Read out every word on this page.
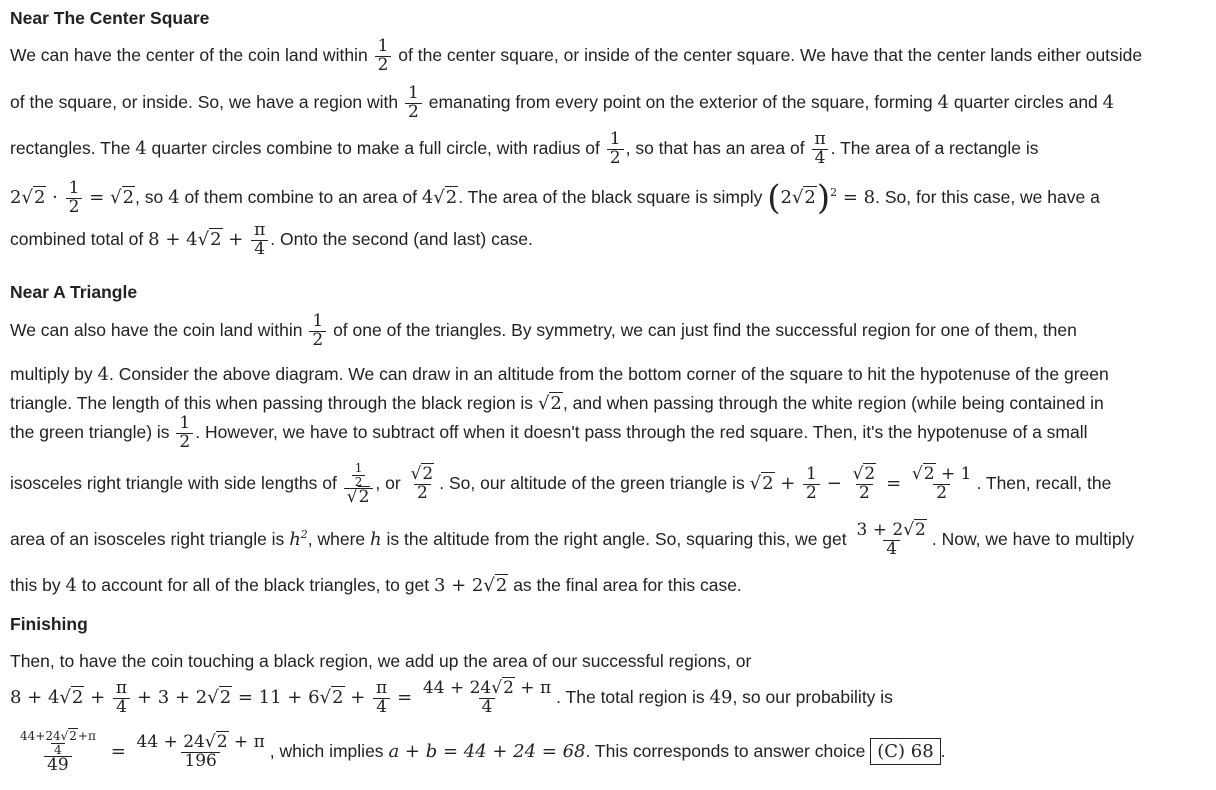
Near The Center Square
We can have the center of the coin land within $\frac{1}{2}$ of the center square, or inside of the center square. We have that the center lands either outside
of the square, or inside. So, we have a region with $\frac{1}{2}$ emanating from every point on the exterior of the square, forming 4 quarter circles and 4
rectangles. The 4 quarter circles combine to make a full circle, with radius of $\frac{1}{2}$ , so that has an area of $\frac{\pi}{4}$ . The area of a rectangle is
$2√2 \cdot \frac{1}{2} = √2$, so 4 of them combine to an area of 4√2. The area of the black square is simply $(2√2)^2 = 8$. So, for this case, we have a
combined total of $8 + 4√2 + \frac{\pi}{4}$ . Onto the second (and last) case.
Near A Triangle
We can also have the coin land within $\frac{1}{2}$ of one of the triangles. By symmetry, we can just find the successful region for one of them, then
multiply by 4. Consider the above diagram. We can draw in an altitude from the bottom corner of the square to hit the hypotenuse of the green
triangle. The length of this when passing through the black region is √2, and when passing through the white region (while being contained in
the green triangle) is $\frac{1}{2}$ . However, we have to subtract off when it doesn't pass through the red square. Then, it's the hypotenuse of a small
isosceles right triangle with side lengths of $\frac{\frac{1}{2}}{√2}$ , or $\frac{√2}{2}$ . So, our altitude of the green triangle is $√2 + \frac{1}{2} - \frac{√2}{2} = \frac{√2 + 1}{2}$ . Then, recall, the
area of an isosceles right triangle is $h^2$, where h is the altitude from the right angle. So, squaring this, we get $\frac{3 + 2√2}{4}$ . Now, we have to multiply
this by 4 to account for all of the black triangles, to get 3 + 2√2 as the final area for this case.
Finishing
Then, to have the coin touching a black region, we add up the area of our successful regions, or
$8 + 4√2 + \frac{\pi}{4} + 3 + 2√2 = 11 + 6√2 + \frac{\pi}{4} = \frac{44 + 24√2 + \pi}{4}$ . The total region is 49, so our probability is
$\frac{\frac{44+24√2+\pi}{4}}{49} = \frac{44 + 24√2 + \pi}{196}$ , which implies a + b = 44 + 24 = 68. This corresponds to answer choice (C) 68 .
